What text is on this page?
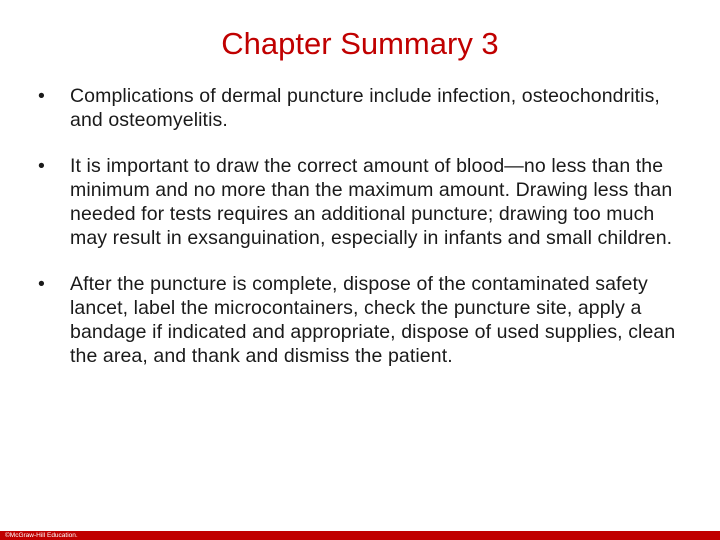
Chapter Summary 3
•	Complications of dermal puncture include infection, osteochondritis, and osteomyelitis.
•	It is important to draw the correct amount of blood—no less than the minimum and no more than the maximum amount. Drawing less than needed for tests requires an additional puncture; drawing too much may result in exsanguination, especially in infants and small children.
•	After the puncture is complete, dispose of the contaminated safety lancet, label the microcontainers, check the puncture site, apply a bandage if indicated and appropriate, dispose of used supplies, clean the area, and thank and dismiss the patient.
©McGraw-Hill Education.
